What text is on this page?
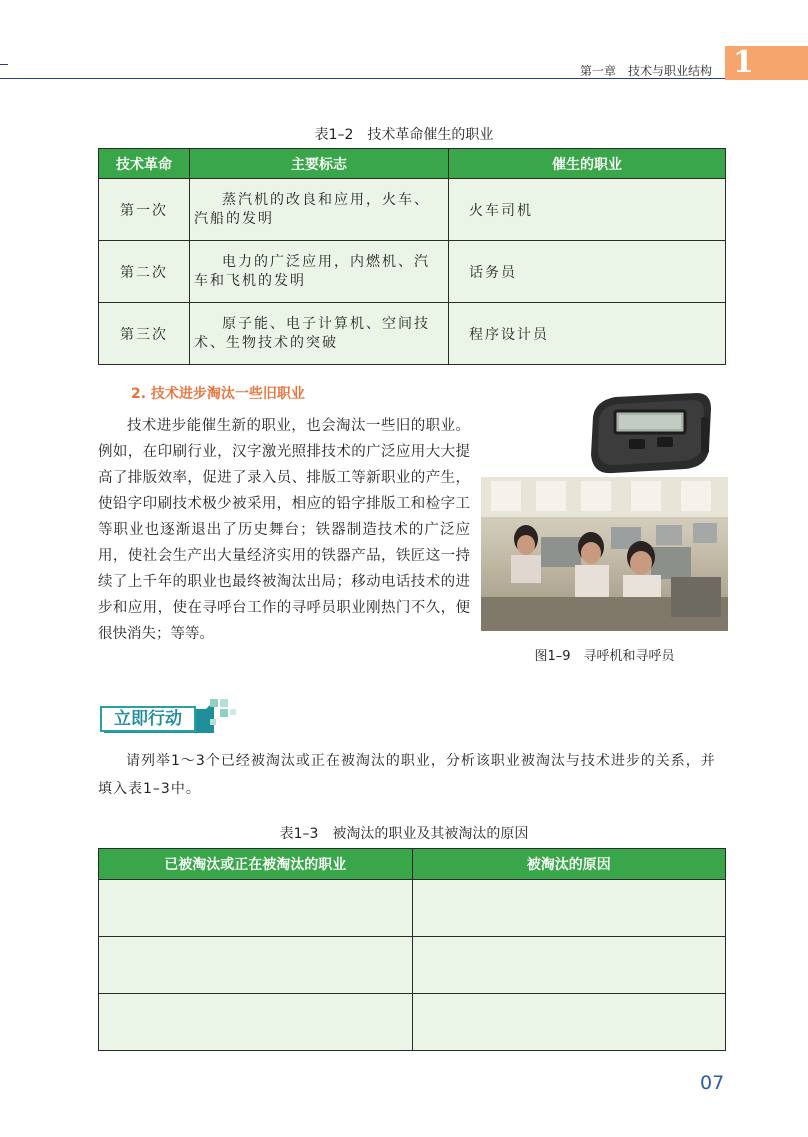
第一章　技术与职业结构 1
表1–2　技术革命催生的职业
技术革命	主要标志	催生的职业
第一次	蒸汽机的改良和应用，火车、汽船的发明	火车司机
第二次	电力的广泛应用，内燃机、汽车和飞机的发明	话务员
第三次	原子能、电子计算机、空间技术、生物技术的突破	程序设计员
2. 技术进步淘汰一些旧职业

技术进步能催生新的职业，也会淘汰一些旧的职业。例如，在印刷行业，汉字激光照排技术的广泛应用大大提高了排版效率，促进了录入员、排版工等新职业的产生，使铅字印刷技术极少被采用，相应的铅字排版工和检字工等职业也逐渐退出了历史舞台；铁器制造技术的广泛应用，使社会生产出大量经济实用的铁器产品，铁匠这一持续了上千年的职业也最终被淘汰出局；移动电话技术的进步和应用，使在寻呼台工作的寻呼员职业刚热门不久，便很快消失；等等。

图1–9　寻呼机和寻呼员
立即行动

请列举1～3个已经被淘汰或正在被淘汰的职业，分析该职业被淘汰与技术进步的关系，并填入表1–3中。

表1–3　被淘汰的职业及其被淘汰的原因
已被淘汰或正在被淘汰的职业	被淘汰的原因

07
